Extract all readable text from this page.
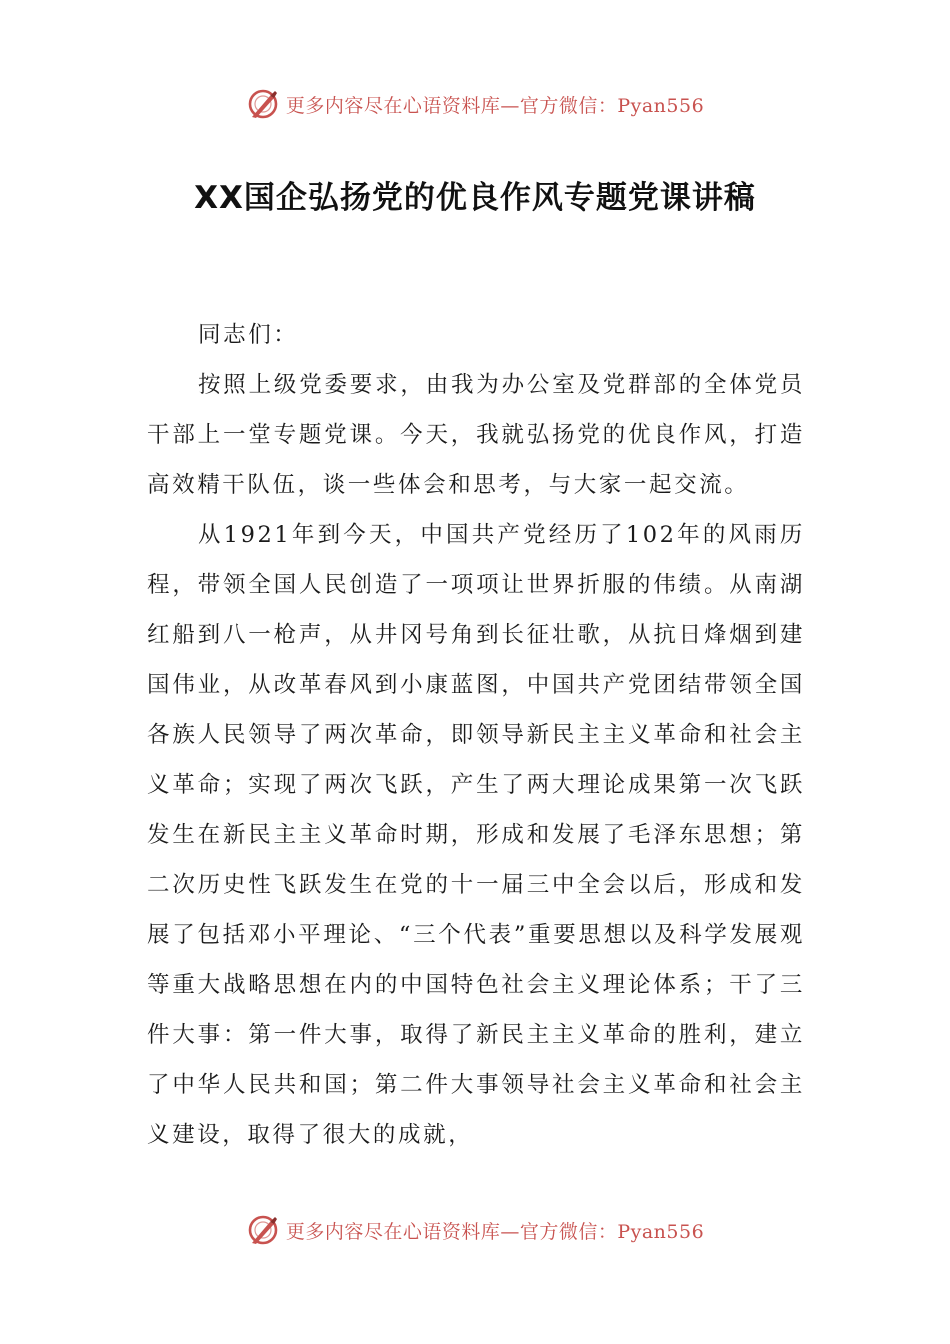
更多内容尽在心语资料库—官方微信：Pyan556
XX国企弘扬党的优良作风专题党课讲稿

同志们：

按照上级党委要求，由我为办公室及党群部的全体党员干部上一堂专题党课。今天，我就弘扬党的优良作风，打造高效精干队伍，谈一些体会和思考，与大家一起交流。

从1921年到今天，中国共产党经历了102年的风雨历程，带领全国人民创造了一项项让世界折服的伟绩。从南湖红船到八一枪声，从井冈号角到长征壮歌，从抗日烽烟到建国伟业，从改革春风到小康蓝图，中国共产党团结带领全国各族人民领导了两次革命，即领导新民主主义革命和社会主义革命；实现了两次飞跃，产生了两大理论成果第一次飞跃发生在新民主主义革命时期，形成和发展了毛泽东思想；第二次历史性飞跃发生在党的十一届三中全会以后，形成和发展了包括邓小平理论、“三个代表”重要思想以及科学发展观等重大战略思想在内的中国特色社会主义理论体系；干了三件大事：第一件大事，取得了新民主主义革命的胜利，建立了中华人民共和国；第二件大事领导社会主义革命和社会主义建设，取得了很大的成就，

更多内容尽在心语资料库—官方微信：Pyan556
